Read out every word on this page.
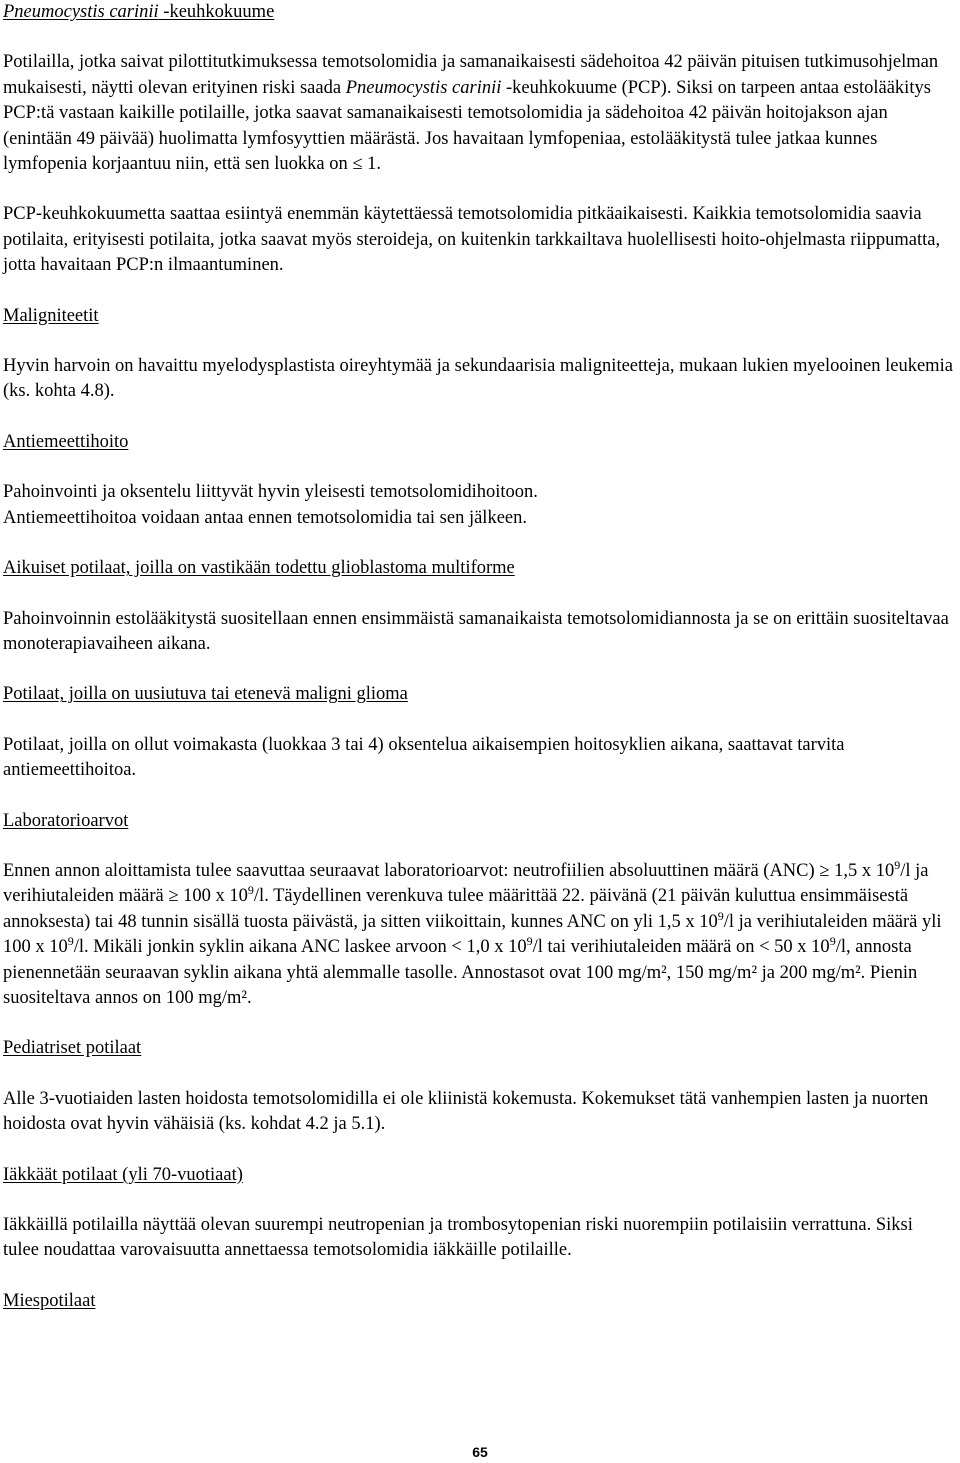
Pneumocystis carinii -keuhkokuume

Potilailla, jotka saivat pilottitutkimuksessa temotsolomidia ja samanaikaisesti sädehoitoa 42 päivän pituisen tutkimusohjelman mukaisesti, näytti olevan erityinen riski saada Pneumocystis carinii -keuhkokuume (PCP). Siksi on tarpeen antaa estolääkitys PCP:tä vastaan kaikille potilaille, jotka saavat samanaikaisesti temotsolomidia ja sädehoitoa 42 päivän hoitojakson ajan (enintään 49 päivää) huolimatta lymfosyyttien määrästä. Jos havaitaan lymfopeniaa, estolääkitystä tulee jatkaa kunnes lymfopenia korjaantuu niin, että sen luokka on ≤ 1.

PCP-keuhkokuumetta saattaa esiintyä enemmän käytettäessä temotsolomidia pitkäaikaisesti. Kaikkia temotsolomidia saavia potilaita, erityisesti potilaita, jotka saavat myös steroideja, on kuitenkin tarkkailtava huolellisesti hoito-ohjelmasta riippumatta, jotta havaitaan PCP:n ilmaantuminen.

Maligniteetit

Hyvin harvoin on havaittu myelodysplastista oireyhtymää ja sekundaarisia maligniteetteja, mukaan lukien myelooinen leukemia (ks. kohta 4.8).

Antiemeettihoito

Pahoinvointi ja oksentelu liittyvät hyvin yleisesti temotsolomidihoitoon.

Antiemeettihoitoa voidaan antaa ennen temotsolomidia tai sen jälkeen.

Aikuiset potilaat, joilla on vastikään todettu glioblastoma multiforme

Pahoinvoinnin estolääkitystä suositellaan ennen ensimmäistä samanaikaista temotsolomidiannosta ja se on erittäin suositeltavaa monoterapiavaiheen aikana.

Potilaat, joilla on uusiutuva tai etenevä maligni glioma

Potilaat, joilla on ollut voimakasta (luokkaa 3 tai 4) oksentelua aikaisempien hoitosyklien aikana, saattavat tarvita antiemeettihoitoa.

Laboratorioarvot

Ennen annon aloittamista tulee saavuttaa seuraavat laboratorioarvot: neutrofiilien absoluuttinen määrä (ANC) ≥ 1,5 x $10^9/l$ ja verihiutaleiden määrä ≥ 100 x $10^9/l$. Täydellinen verenkuva tulee määrittää 22. päivänä (21 päivän kuluttua ensimmäisestä annoksesta) tai 48 tunnin sisällä tuosta päivästä, ja sitten viikoittain, kunnes ANC on yli 1,5 x $10^9/l$ ja verihiutaleiden määrä yli 100 x $10^9/l$. Mikäli jonkin syklin aikana ANC laskee arvoon < 1,0 x $10^9/l$ tai verihiutaleiden määrä on < 50 x $10^9/l$, annosta pienennetään seuraavan syklin aikana yhtä alemmalle tasolle. Annostasot ovat 100 mg/m², 150 mg/m² ja 200 mg/m². Pienin suositeltava annos on 100 mg/m².

Pediatriset potilaat

Alle 3-vuotiaiden lasten hoidosta temotsolomidilla ei ole kliinistä kokemusta. Kokemukset tätä vanhempien lasten ja nuorten hoidosta ovat hyvin vähäisiä (ks. kohdat 4.2 ja 5.1).

Iäkkäät potilaat (yli 70-vuotiaat)

Iäkkäillä potilailla näyttää olevan suurempi neutropenian ja trombosytopenian riski nuorempiin potilaisiin verrattuna. Siksi tulee noudattaa varovaisuutta annettaessa temotsolomidia iäkkäille potilaille.

Miespotilaat

65
